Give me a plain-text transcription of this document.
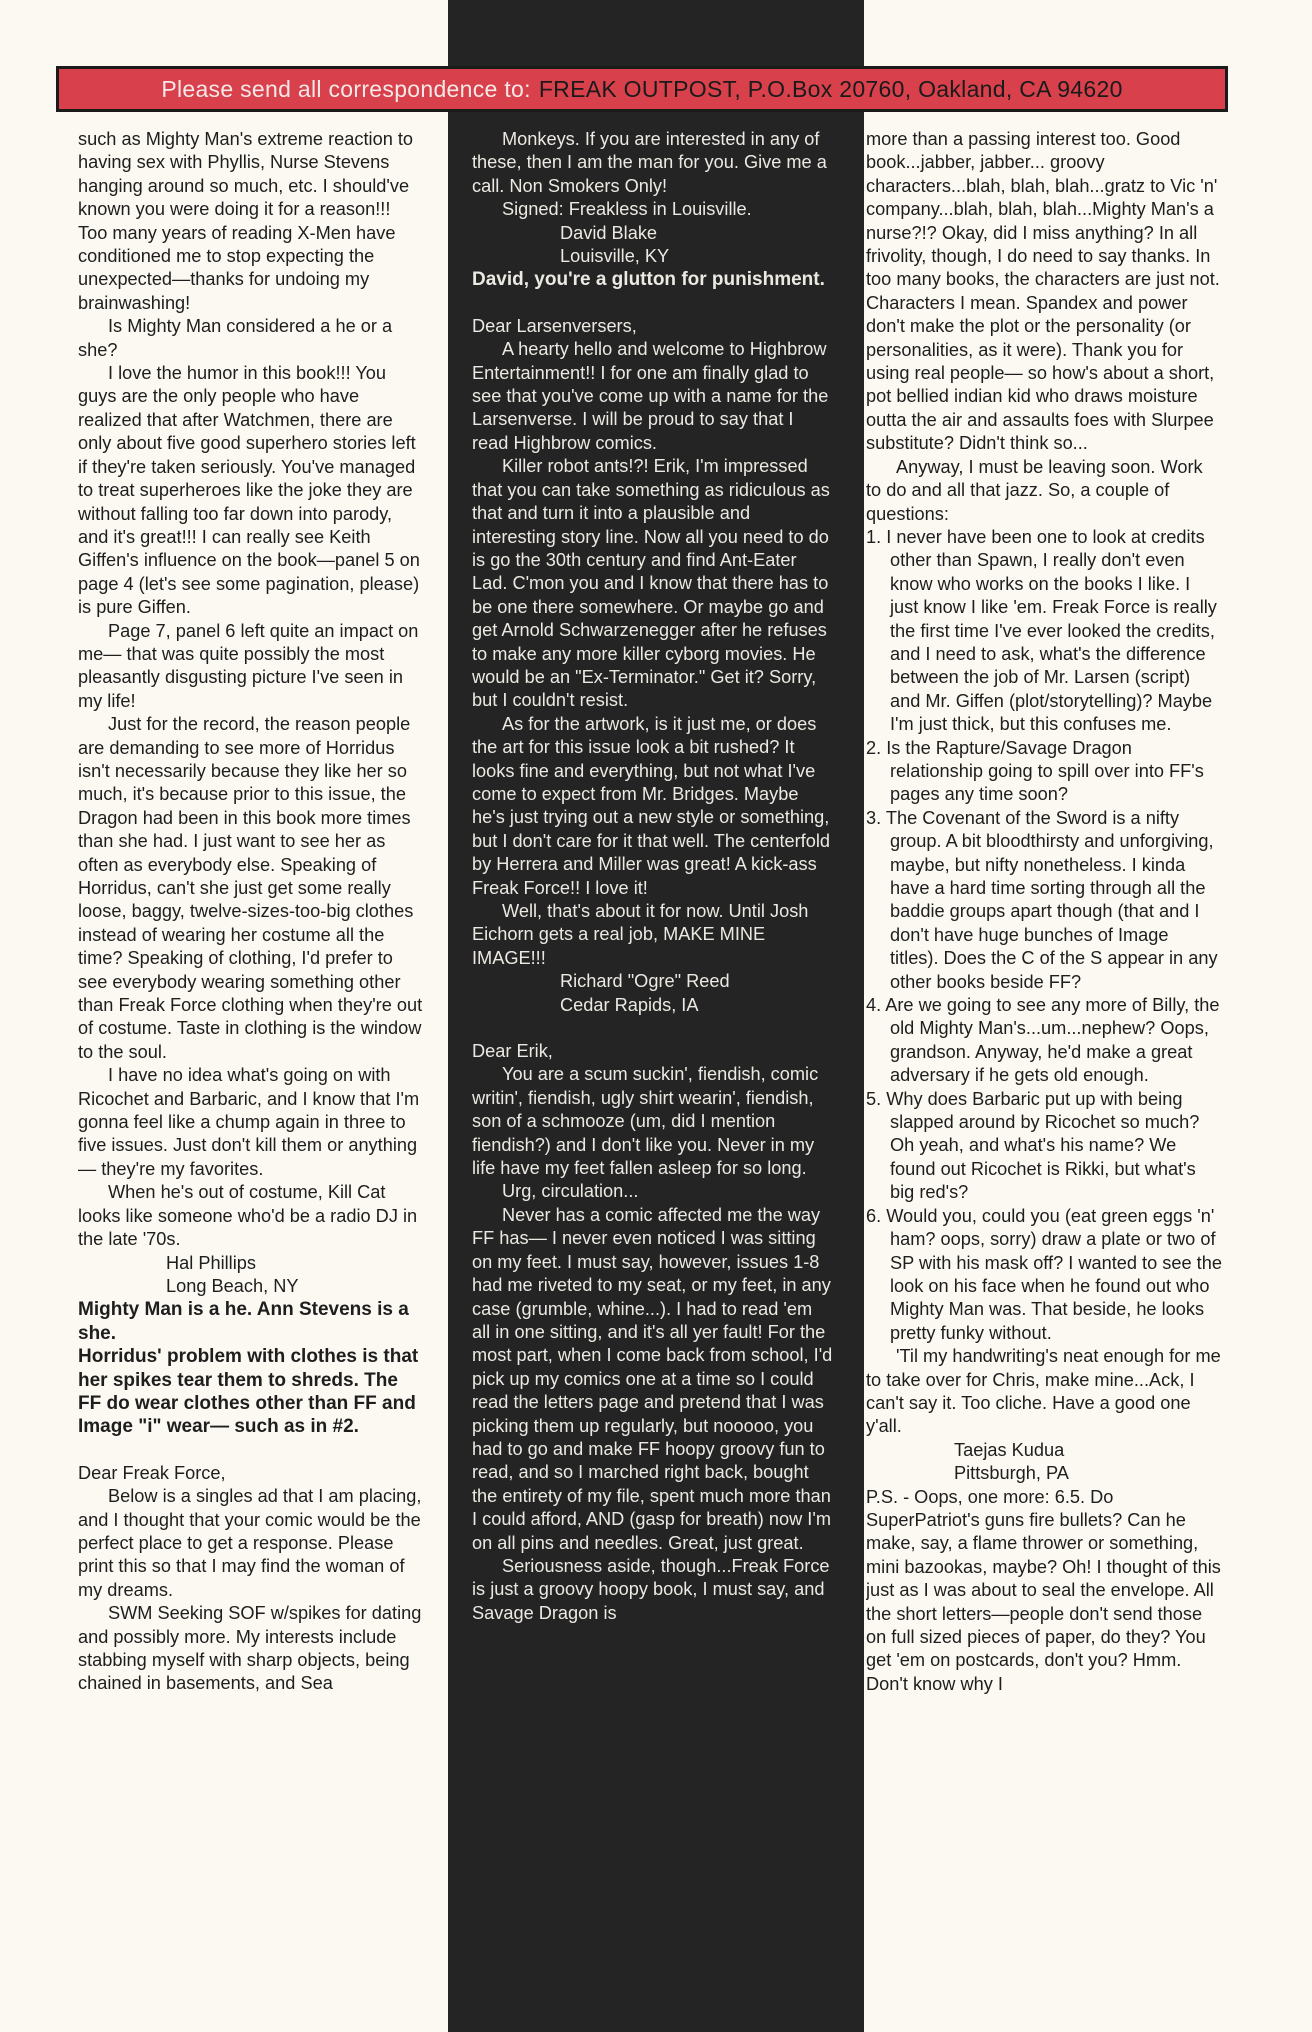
Please send all correspondence to: FREAK OUTPOST, P.O.Box 20760, Oakland, CA 94620

such as Mighty Man's extreme reaction to having sex with Phyllis, Nurse Stevens hanging around so much, etc. I should've known you were doing it for a reason!!! Too many years of reading X-Men have conditioned me to stop expecting the unexpected—thanks for undoing my brainwashing!

Is Mighty Man considered a he or a she?

I love the humor in this book!!! You guys are the only people who have realized that after Watchmen, there are only about five good superhero stories left if they're taken seriously. You've managed to treat superheroes like the joke they are without falling too far down into parody, and it's great!!! I can really see Keith Giffen's influence on the book—panel 5 on page 4 (let's see some pagination, please) is pure Giffen.

Page 7, panel 6 left quite an impact on me— that was quite possibly the most pleasantly disgusting picture I've seen in my life!

Just for the record, the reason people are demanding to see more of Horridus isn't necessarily because they like her so much, it's because prior to this issue, the Dragon had been in this book more times than she had. I just want to see her as often as everybody else. Speaking of Horridus, can't she just get some really loose, baggy, twelve-sizes-too-big clothes instead of wearing her costume all the time? Speaking of clothing, I'd prefer to see everybody wearing something other than Freak Force clothing when they're out of costume. Taste in clothing is the window to the soul.

I have no idea what's going on with Ricochet and Barbaric, and I know that I'm gonna feel like a chump again in three to five issues. Just don't kill them or anything— they're my favorites.

When he's out of costume, Kill Cat looks like someone who'd be a radio DJ in the late '70s.

Hal Phillips

Long Beach, NY

Mighty Man is a he. Ann Stevens is a she.

Horridus' problem with clothes is that her spikes tear them to shreds. The FF do wear clothes other than FF and Image "i" wear— such as in #2.

Dear Freak Force,

Below is a singles ad that I am placing, and I thought that your comic would be the perfect place to get a response. Please print this so that I may find the woman of my dreams.

SWM Seeking SOF w/spikes for dating and possibly more. My interests include stabbing myself with sharp objects, being chained in basements, and Sea

Monkeys. If you are interested in any of these, then I am the man for you. Give me a call. Non Smokers Only!

Signed: Freakless in Louisville.

David Blake

Louisville, KY

David, you're a glutton for punishment.

Dear Larsenversers,

A hearty hello and welcome to Highbrow Entertainment!! I for one am finally glad to see that you've come up with a name for the Larsenverse. I will be proud to say that I read Highbrow comics.

Killer robot ants!?! Erik, I'm impressed that you can take something as ridiculous as that and turn it into a plausible and interesting story line. Now all you need to do is go the 30th century and find Ant-Eater Lad. C'mon you and I know that there has to be one there somewhere. Or maybe go and get Arnold Schwarzenegger after he refuses to make any more killer cyborg movies. He would be an "Ex-Terminator." Get it? Sorry, but I couldn't resist.

As for the artwork, is it just me, or does the art for this issue look a bit rushed? It looks fine and everything, but not what I've come to expect from Mr. Bridges. Maybe he's just trying out a new style or something, but I don't care for it that well. The centerfold by Herrera and Miller was great! A kick-ass Freak Force!! I love it!

Well, that's about it for now. Until Josh Eichorn gets a real job, MAKE MINE IMAGE!!!

Richard "Ogre" Reed

Cedar Rapids, IA

Dear Erik,

You are a scum suckin', fiendish, comic writin', fiendish, ugly shirt wearin', fiendish, son of a schmooze (um, did I mention fiendish?) and I don't like you. Never in my life have my feet fallen asleep for so long.

Urg, circulation...

Never has a comic affected me the way FF has— I never even noticed I was sitting on my feet. I must say, however, issues 1-8 had me riveted to my seat, or my feet, in any case (grumble, whine...). I had to read 'em all in one sitting, and it's all yer fault! For the most part, when I come back from school, I'd pick up my comics one at a time so I could read the letters page and pretend that I was picking them up regularly, but nooooo, you had to go and make FF hoopy groovy fun to read, and so I marched right back, bought the entirety of my file, spent much more than I could afford, AND (gasp for breath) now I'm on all pins and needles. Great, just great.

Seriousness aside, though...Freak Force is just a groovy hoopy book, I must say, and Savage Dragon is

more than a passing interest too. Good book...jabber, jabber... groovy characters...blah, blah, blah...gratz to Vic 'n' company...blah, blah, blah...Mighty Man's a nurse?!? Okay, did I miss anything? In all frivolity, though, I do need to say thanks. In too many books, the characters are just not. Characters I mean. Spandex and power don't make the plot or the personality (or personalities, as it were). Thank you for using real people— so how's about a short, pot bellied indian kid who draws moisture outta the air and assaults foes with Slurpee substitute? Didn't think so...

Anyway, I must be leaving soon. Work to do and all that jazz. So, a couple of questions:

1. I never have been one to look at credits other than Spawn, I really don't even know who works on the books I like. I just know I like 'em. Freak Force is really the first time I've ever looked the credits, and I need to ask, what's the difference between the job of Mr. Larsen (script) and Mr. Giffen (plot/storytelling)? Maybe I'm just thick, but this confuses me.

2. Is the Rapture/Savage Dragon relationship going to spill over into FF's pages any time soon?

3. The Covenant of the Sword is a nifty group. A bit bloodthirsty and unforgiving, maybe, but nifty nonetheless. I kinda have a hard time sorting through all the baddie groups apart though (that and I don't have huge bunches of Image titles). Does the C of the S appear in any other books beside FF?

4. Are we going to see any more of Billy, the old Mighty Man's...um...nephew? Oops, grandson. Anyway, he'd make a great adversary if he gets old enough.

5. Why does Barbaric put up with being slapped around by Ricochet so much? Oh yeah, and what's his name? We found out Ricochet is Rikki, but what's big red's?

6. Would you, could you (eat green eggs 'n' ham? oops, sorry) draw a plate or two of SP with his mask off? I wanted to see the look on his face when he found out who Mighty Man was. That beside, he looks pretty funky without.

'Til my handwriting's neat enough for me to take over for Chris, make mine...Ack, I can't say it. Too cliche. Have a good one y'all.

Taejas Kudua

Pittsburgh, PA

P.S. - Oops, one more: 6.5. Do SuperPatriot's guns fire bullets? Can he make, say, a flame thrower or something, mini bazookas, maybe? Oh! I thought of this just as I was about to seal the envelope. All the short letters—people don't send those on full sized pieces of paper, do they? You get 'em on postcards, don't you? Hmm. Don't know why I
